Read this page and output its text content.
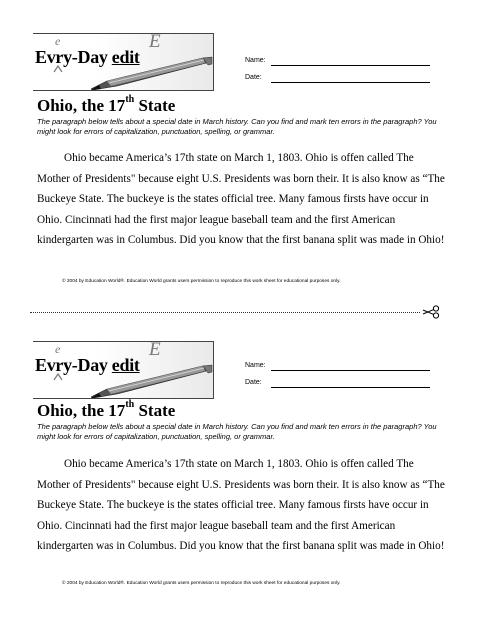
e	E
Evry-Day edit	Name:
Date:
Ohio, the 17th State
The paragraph below tells about a special date in March history. Can you find and mark ten errors in the paragraph? You might look for errors of capitalization, punctuation, spelling, or grammar.
Ohio became America’s 17th state on March 1, 1803. Ohio is offen called The Mother of Presidents" because eight U.S. Presidents was born their. It is also know as “The Buckeye State. The buckeye is the states official tree. Many famous firsts have occur in Ohio. Cincinnati had the first major league baseball team and the first American kindergarten was in Columbus. Did you know that the first banana split was made in Ohio!
© 2004 by Education World®. Education World grants users permission to reproduce this work sheet for educational purposes only.
e	E
Evry-Day edit	Name:
Date:
Ohio, the 17th State
The paragraph below tells about a special date in March history. Can you find and mark ten errors in the paragraph? You might look for errors of capitalization, punctuation, spelling, or grammar.
Ohio became America’s 17th state on March 1, 1803. Ohio is offen called The Mother of Presidents" because eight U.S. Presidents was born their. It is also know as “The Buckeye State. The buckeye is the states official tree. Many famous firsts have occur in Ohio. Cincinnati had the first major league baseball team and the first American kindergarten was in Columbus. Did you know that the first banana split was made in Ohio!
© 2004 by Education World®. Education World grants users permission to reproduce this work sheet for educational purposes only.
